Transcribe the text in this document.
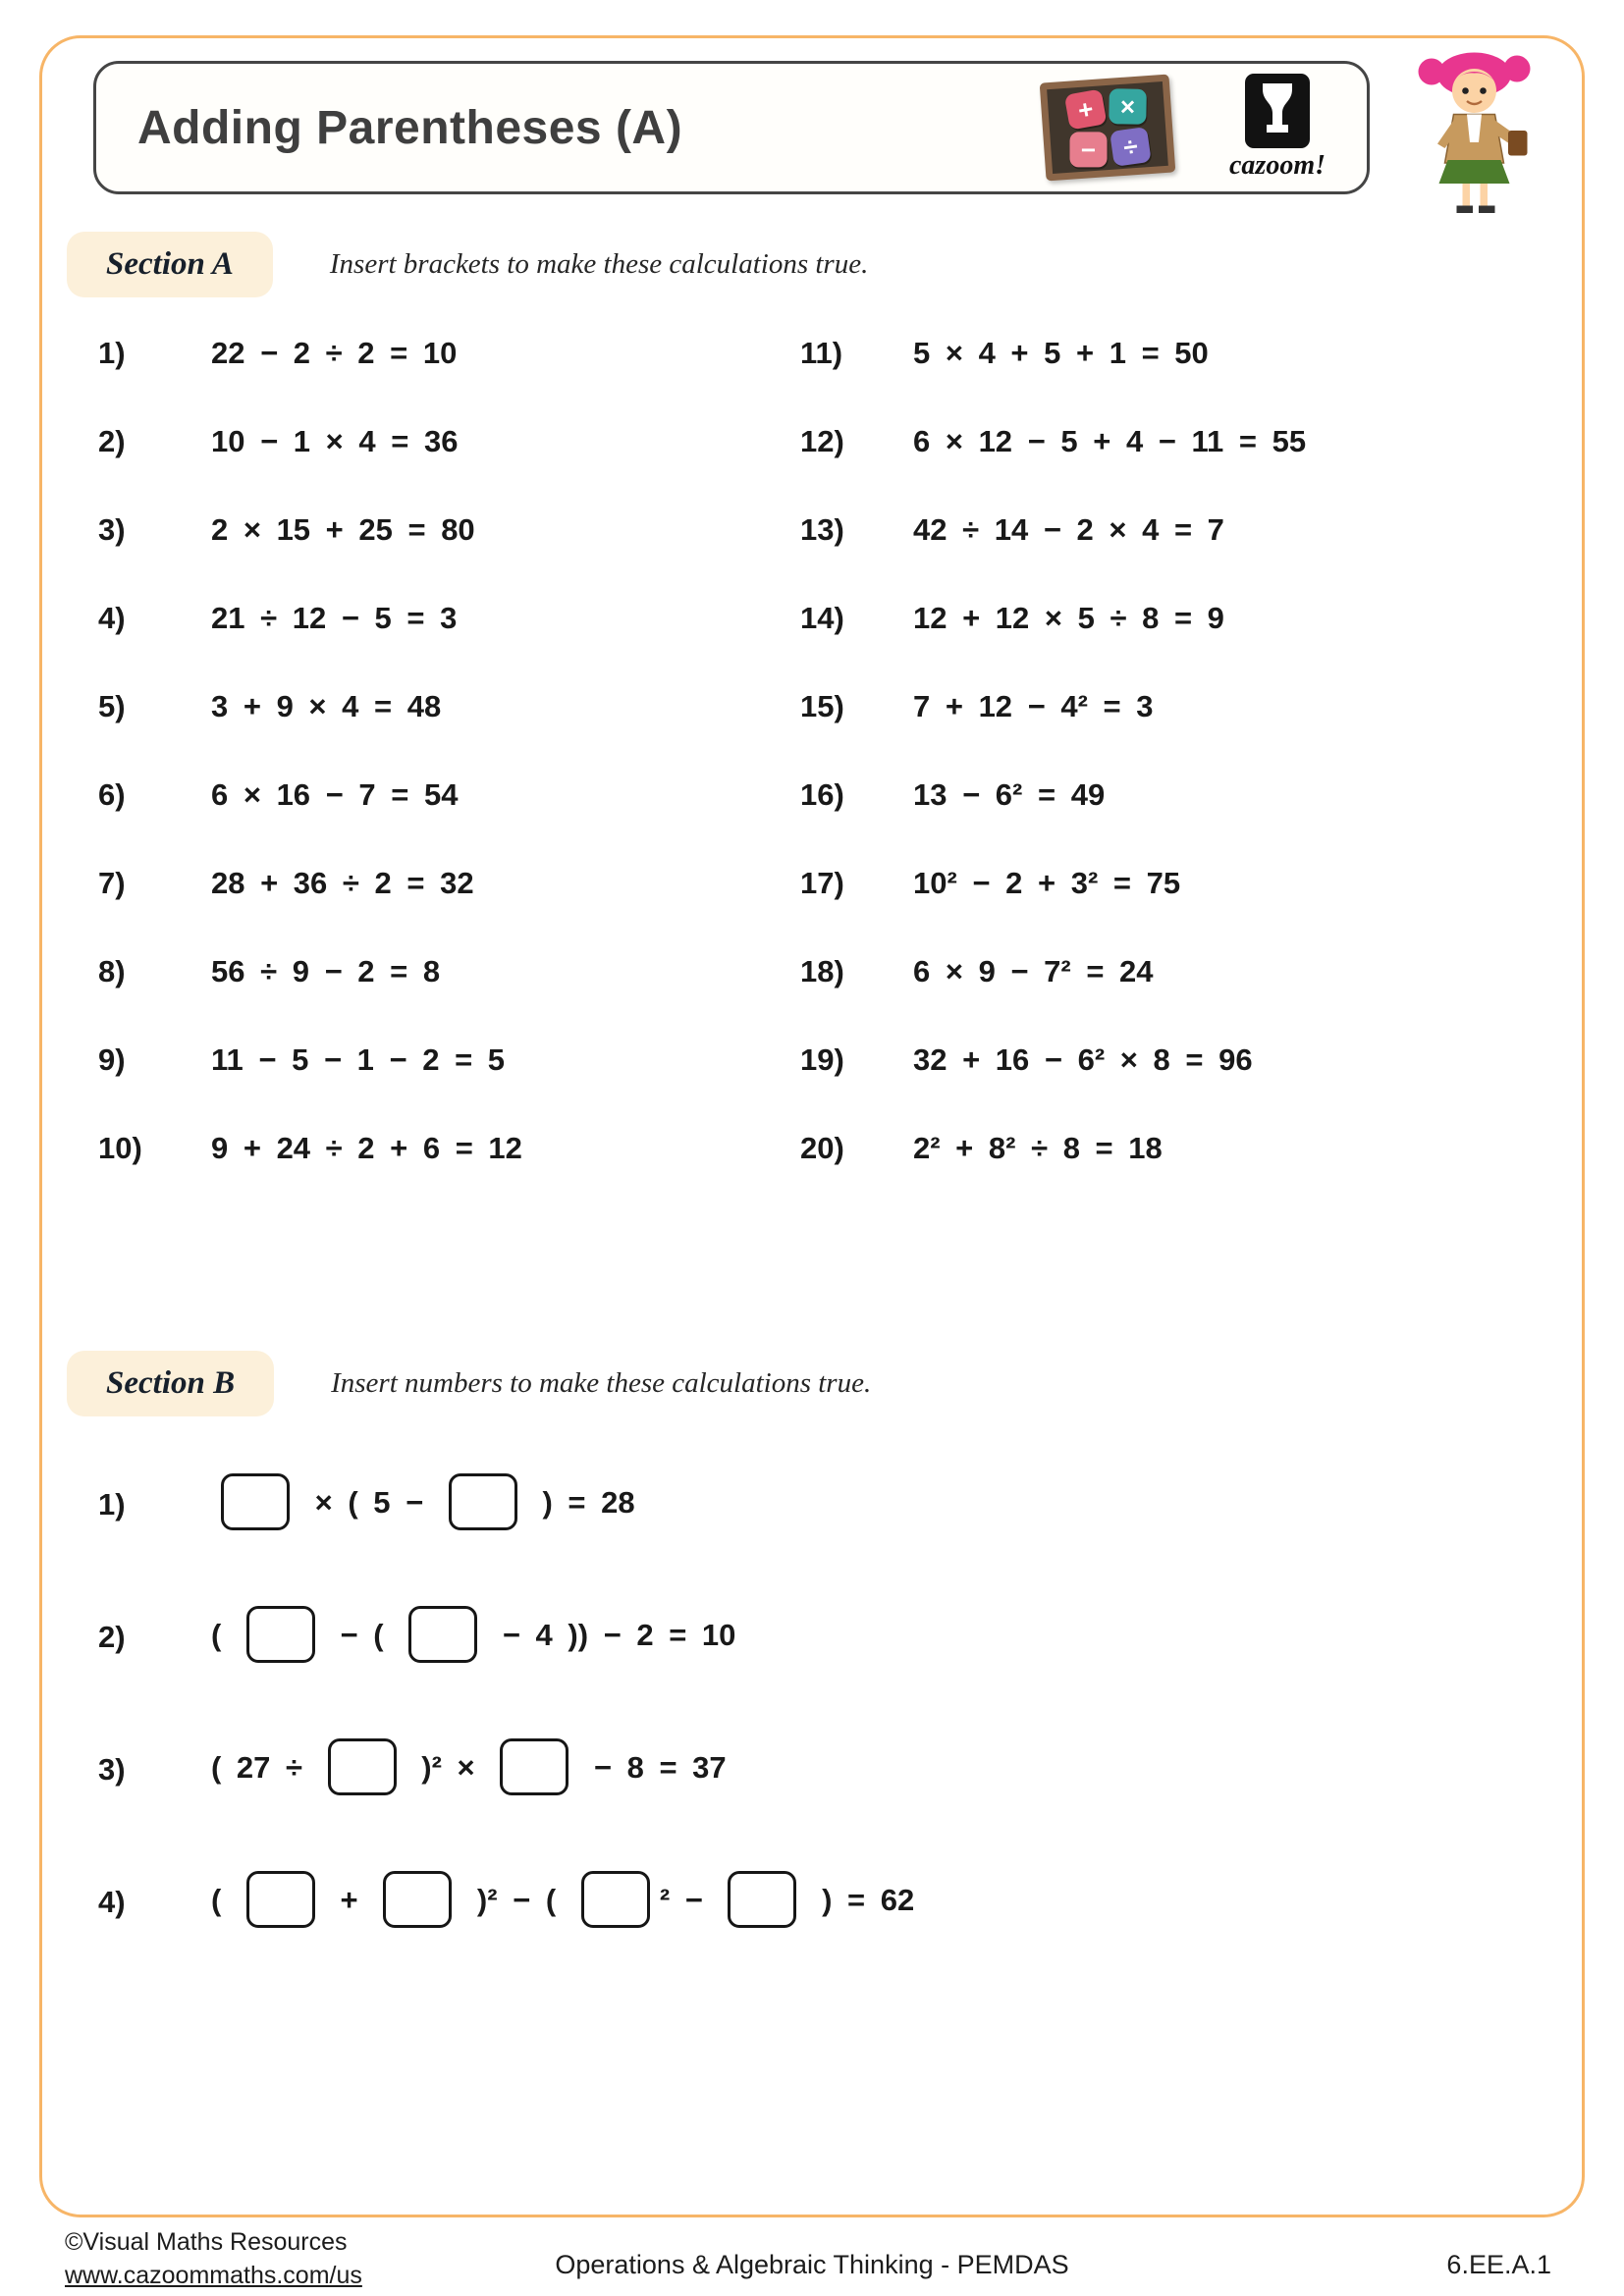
Adding Parentheses (A)	+ ×
−	÷
cazoom!
Section A	Insert brackets to make these calculations true.
1)	22 − 2 ÷ 2 = 10
2)	10 − 1 × 4 = 36
3)	2 × 15 + 25 = 80
4)	21 ÷ 12 − 5 = 3
5)	3 + 9 × 4 = 48
6)	6 × 16 − 7 = 54
7)	28 + 36 ÷ 2 = 32
8)	56 ÷ 9 − 2 = 8
9)	11 − 5 − 1 − 2 = 5
10)	9 + 24 ÷ 2 + 6 = 12
11)	5 × 4 + 5 + 1 = 50
12)	6 × 12 − 5 + 4 − 11 = 55
13)	42 ÷ 14 − 2 × 4 = 7
14)	12 + 12 × 5 ÷ 8 = 9
15)	7 + 12 − 4² = 3
16)	13 − 6² = 49
17)	10² − 2 + 3² = 75
18)	6 × 9 − 7² = 24
19)	32 + 16 − 6² × 8 = 96
20)	2² + 8² ÷ 8 = 18
Section B	Insert numbers to make these calculations true.
1)	× ( 5 −	) = 28
2)	(	− (	− 4 )) − 2 = 10
3)	( 27 ÷	)² ×	− 8 = 37
4)	(	+	)² − (	² −	) = 62
©Visual Maths Resources
www.cazoommaths.com/us	Operations & Algebraic Thinking - PEMDAS	6.EE.A.1
